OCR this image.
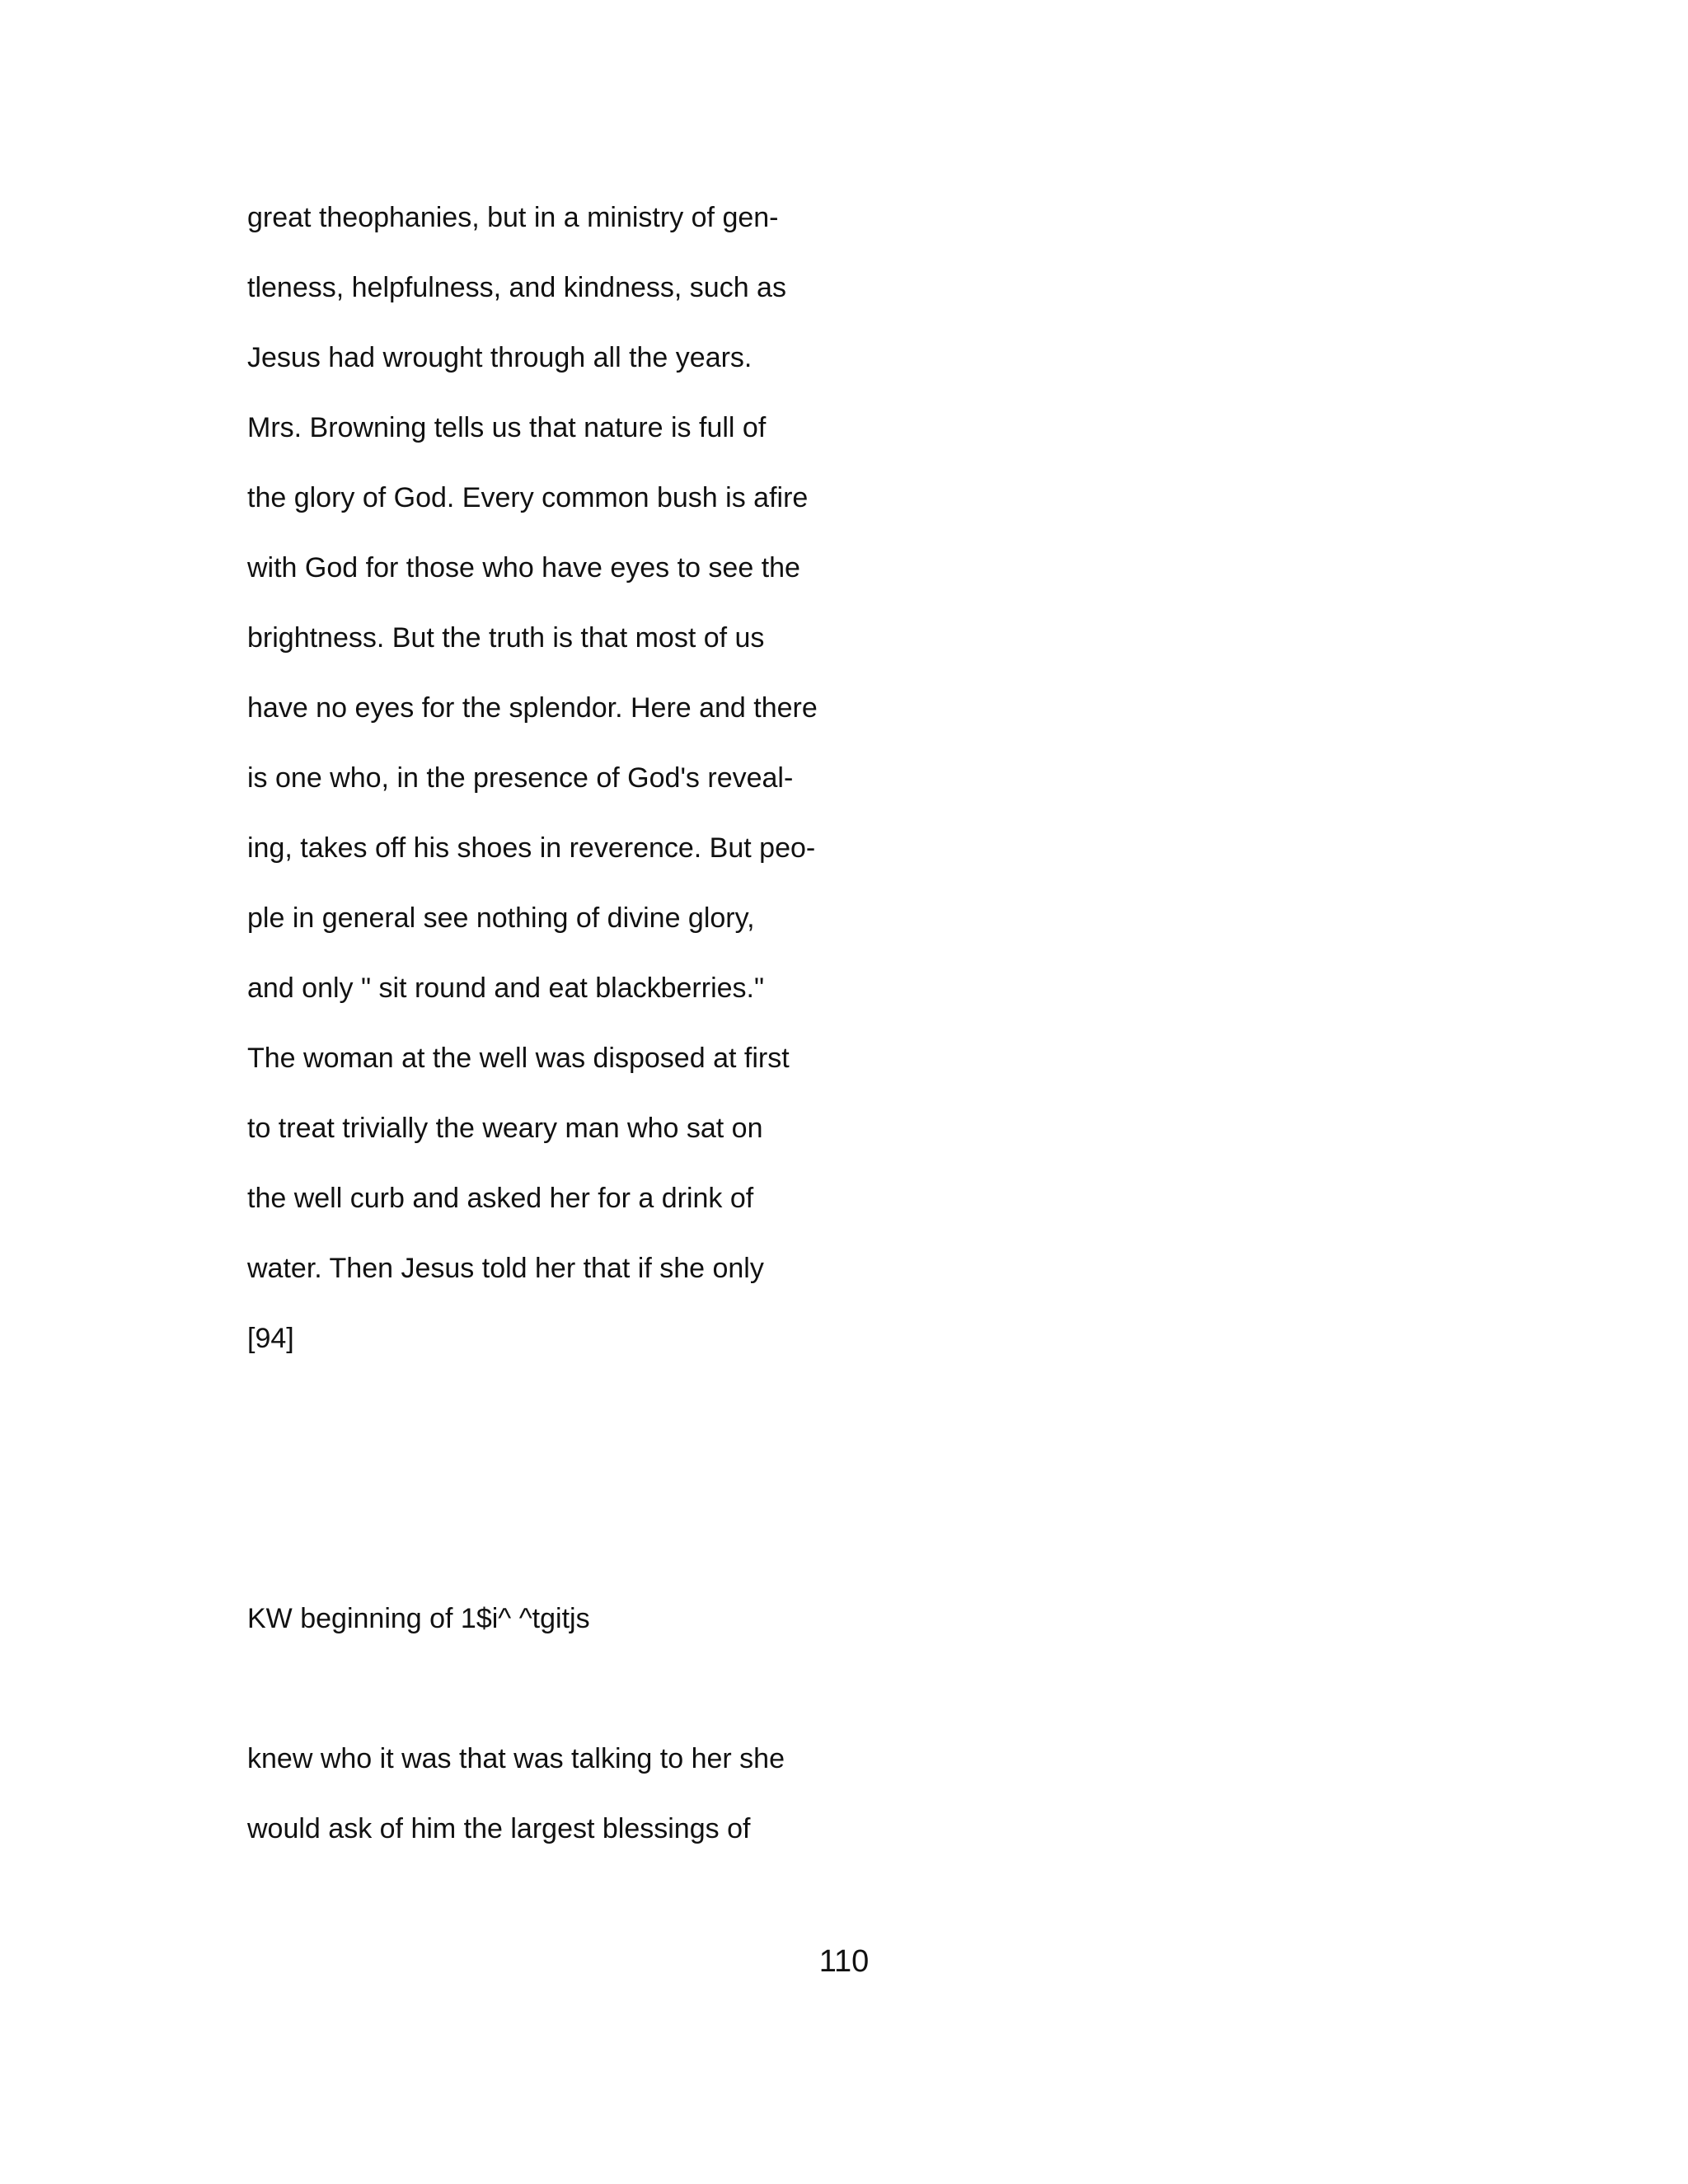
great theophanies, but in a ministry of gen-
tleness, helpfulness, and kindness, such as
Jesus had wrought through all the years.
Mrs. Browning tells us that nature is full of
the glory of God. Every common bush is afire
with God for those who have eyes to see the
brightness. But the truth is that most of us
have no eyes for the splendor. Here and there
is one who, in the presence of God's reveal-
ing, takes off his shoes in reverence. But peo-
ple in general see nothing of divine glory,
and only " sit round and eat blackberries."
The woman at the well was disposed at first
to treat trivially the weary man who sat on
the well curb and asked her for a drink of
water. Then Jesus told her that if she only
[94]
KW beginning of 1$i^ ^tgitjs
knew who it was that was talking to her she
would ask of him the largest blessings of
110
